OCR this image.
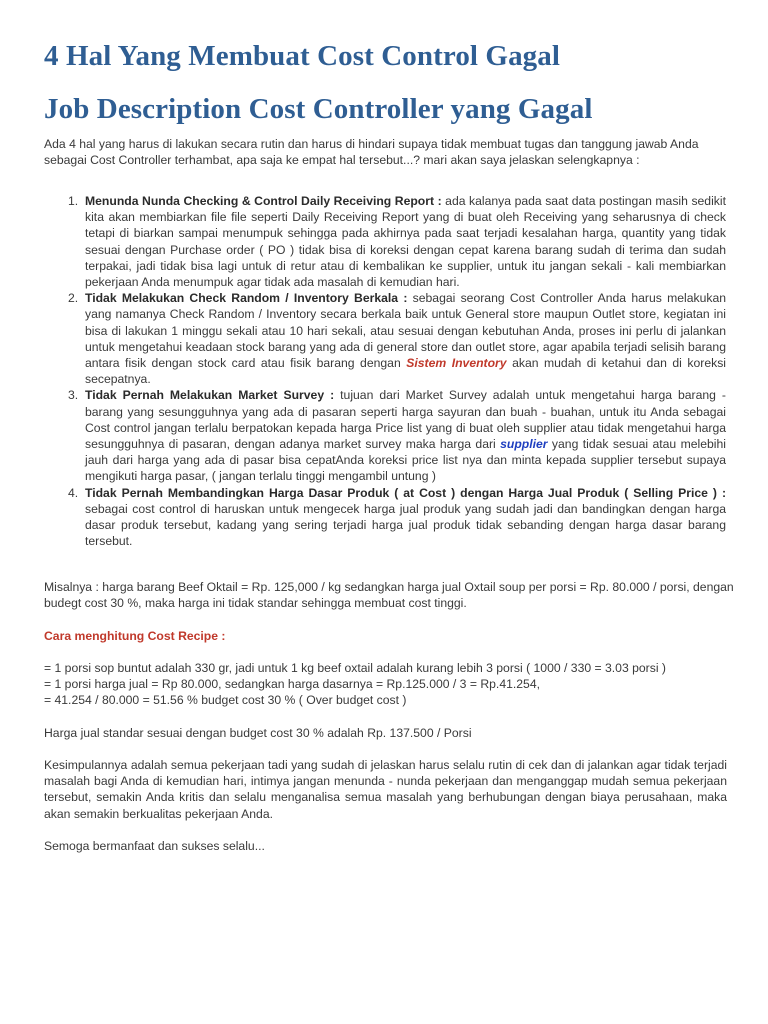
4 Hal Yang Membuat Cost Control Gagal
Job Description Cost Controller yang Gagal

Ada 4 hal yang harus di lakukan secara rutin dan harus di hindari supaya tidak membuat tugas dan tanggung jawab Anda sebagai Cost Controller terhambat, apa saja ke empat hal tersebut...? mari akan saya jelaskan selengkapnya :

1. Menunda Nunda Checking & Control Daily Receiving Report : ada kalanya pada saat data postingan masih sedikit kita akan membiarkan file file seperti Daily Receiving Report yang di buat oleh Receiving yang seharusnya di check tetapi di biarkan sampai menumpuk sehingga pada akhirnya pada saat terjadi kesalahan harga, quantity yang tidak sesuai dengan Purchase order ( PO ) tidak bisa di koreksi dengan cepat karena barang sudah di terima dan sudah terpakai, jadi tidak bisa lagi untuk di retur atau di kembalikan ke supplier, untuk itu jangan sekali - kali membiarkan pekerjaan Anda menumpuk agar tidak ada masalah di kemudian hari.
2. Tidak Melakukan Check Random / Inventory Berkala : sebagai seorang Cost Controller Anda harus melakukan yang namanya Check Random / Inventory secara berkala baik untuk General store maupun Outlet store, kegiatan ini bisa di lakukan 1 minggu sekali atau 10 hari sekali, atau sesuai dengan kebutuhan Anda, proses ini perlu di jalankan untuk mengetahui keadaan stock barang yang ada di general store dan outlet store, agar apabila terjadi selisih barang antara fisik dengan stock card atau fisik barang dengan Sistem Inventory akan mudah di ketahui dan di koreksi secepatnya.
3. Tidak Pernah Melakukan Market Survey : tujuan dari Market Survey adalah untuk mengetahui harga barang - barang yang sesungguhnya yang ada di pasaran seperti harga sayuran dan buah - buahan, untuk itu Anda sebagai Cost control jangan terlalu berpatokan kepada harga Price list yang di buat oleh supplier atau tidak mengetahui harga sesungguhnya di pasaran, dengan adanya market survey maka harga dari supplier yang tidak sesuai atau melebihi jauh dari harga yang ada di pasar bisa cepatAnda koreksi price list nya dan minta kepada supplier tersebut supaya mengikuti harga pasar, ( jangan terlalu tinggi mengambil untung )
4. Tidak Pernah Membandingkan Harga Dasar Produk ( at Cost ) dengan Harga Jual Produk ( Selling Price ) : sebagai cost control di haruskan untuk mengecek harga jual produk yang sudah jadi dan bandingkan dengan harga dasar produk tersebut, kadang yang sering terjadi harga jual produk tidak sebanding dengan harga dasar barang tersebut.

Misalnya : harga barang Beef Oktail = Rp. 125,000 / kg sedangkan harga jual Oxtail soup per porsi = Rp. 80.000 / porsi, dengan budegt cost 30 %, maka harga ini tidak standar sehingga membuat cost tinggi.

Cara menghitung Cost Recipe :

= 1 porsi sop buntut adalah 330 gr, jadi untuk 1 kg beef oxtail adalah kurang lebih 3 porsi ( 1000 / 330 = 3.03 porsi )

= 1 porsi harga jual = Rp 80.000, sedangkan harga dasarnya = Rp.125.000 / 3 = Rp.41.254,

= 41.254 / 80.000 = 51.56 % budget cost 30 % ( Over budget cost )

Harga jual standar sesuai dengan budget cost 30 % adalah Rp. 137.500 / Porsi

Kesimpulannya adalah semua pekerjaan tadi yang sudah di jelaskan harus selalu rutin di cek dan di jalankan agar tidak terjadi masalah bagi Anda di kemudian hari, intimya jangan menunda - nunda pekerjaan dan menganggap mudah semua pekerjaan tersebut, semakin Anda kritis dan selalu menganalisa semua masalah yang berhubungan dengan biaya perusahaan, maka akan semakin berkualitas pekerjaan Anda.

Semoga bermanfaat dan sukses selalu...
